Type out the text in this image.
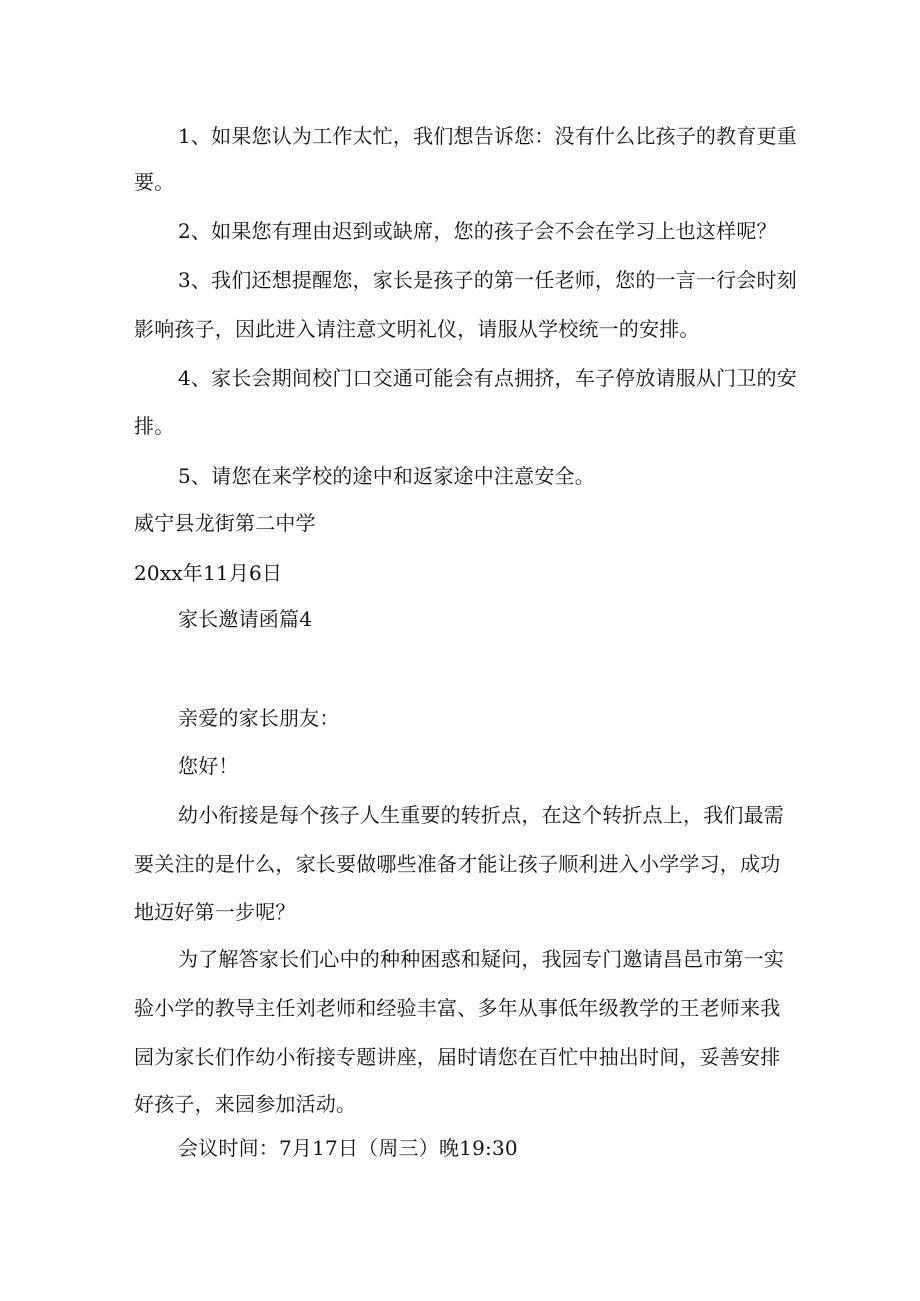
1、如果您认为工作太忙，我们想告诉您：没有什么比孩子的教育更重
要。
2、如果您有理由迟到或缺席，您的孩子会不会在学习上也这样呢？
3、我们还想提醒您，家长是孩子的第一任老师，您的一言一行会时刻
影响孩子，因此进入请注意文明礼仪，请服从学校统一的安排。
4、家长会期间校门口交通可能会有点拥挤，车子停放请服从门卫的安
排。
5、请您在来学校的途中和返家途中注意安全。
威宁县龙街第二中学
20xx年11月6日
家长邀请函篇4
亲爱的家长朋友：
您好！
幼小衔接是每个孩子人生重要的转折点，在这个转折点上，我们最需
要关注的是什么，家长要做哪些准备才能让孩子顺利进入小学学习，成功
地迈好第一步呢？
为了解答家长们心中的种种困惑和疑问，我园专门邀请昌邑市第一实
验小学的教导主任刘老师和经验丰富、多年从事低年级教学的王老师来我
园为家长们作幼小衔接专题讲座，届时请您在百忙中抽出时间，妥善安排
好孩子，来园参加活动。
会议时间：7月17日（周三）晚19:30
